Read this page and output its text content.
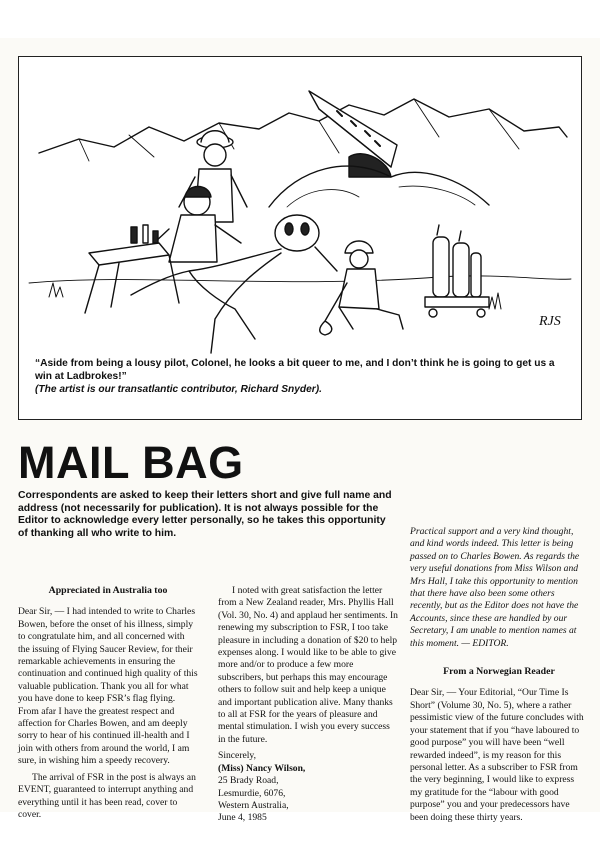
RJS
“Aside from being a lousy pilot, Colonel, he looks a bit queer to me, and I don’t think he is going to get us a win at Ladbrokes!”
(The artist is our transatlantic contributor, Richard Snyder).
MAIL BAG
Correspondents are asked to keep their letters short and give full name and address (not necessarily for publication). It is not always possible for the Editor to acknowledge every letter personally, so he takes this opportunity of thanking all who write to him.
Appreciated in Australia too

Dear Sir, — I had intended to write to Charles Bowen, before the onset of his illness, simply to congratulate him, and all concerned with the issuing of Flying Saucer Review, for their remarkable achievements in ensuring the continuation and continued high quality of this valuable publication. Thank you all for what you have done to keep FSR’s flag flying. From afar I have the greatest respect and affection for Charles Bowen, and am deeply sorry to hear of his continued ill-health and I join with others from around the world, I am sure, in wishing him a speedy recovery.

The arrival of FSR in the post is always an EVENT, guaranteed to interrupt anything and everything until it has been read, cover to cover.

I noted with great satisfaction the letter from a New Zealand reader, Mrs. Phyllis Hall (Vol. 30, No. 4) and applaud her sentiments. In renewing my subscription to FSR, I too take pleasure in including a donation of $20 to help expenses along. I would like to be able to give more and/or to produce a few more subscribers, but perhaps this may encourage others to follow suit and help keep a unique and important publication alive. Many thanks to all at FSR for the years of pleasure and mental stimulation. I wish you every success in the future.

Sincerely,
(Miss) Nancy Wilson,
25 Brady Road,
Lesmurdie, 6076,
Western Australia,
June 4, 1985

Practical support and a very kind thought, and kind words indeed. This letter is being passed on to Charles Bowen. As regards the very useful donations from Miss Wilson and Mrs Hall, I take this opportunity to mention that there have also been some others recently, but as the Editor does not have the Accounts, since these are handled by our Secretary, I am unable to mention names at this moment. — EDITOR.

From a Norwegian Reader

Dear Sir, — Your Editorial, “Our Time Is Short” (Volume 30, No. 5), where a rather pessimistic view of the future concludes with your statement that if you “have laboured to good purpose” you will have been “well rewarded indeed”, is my reason for this personal letter. As a subscriber to FSR from the very beginning, I would like to express my gratitude for the “labour with good purpose” you and your predecessors have been doing these thirty years.
